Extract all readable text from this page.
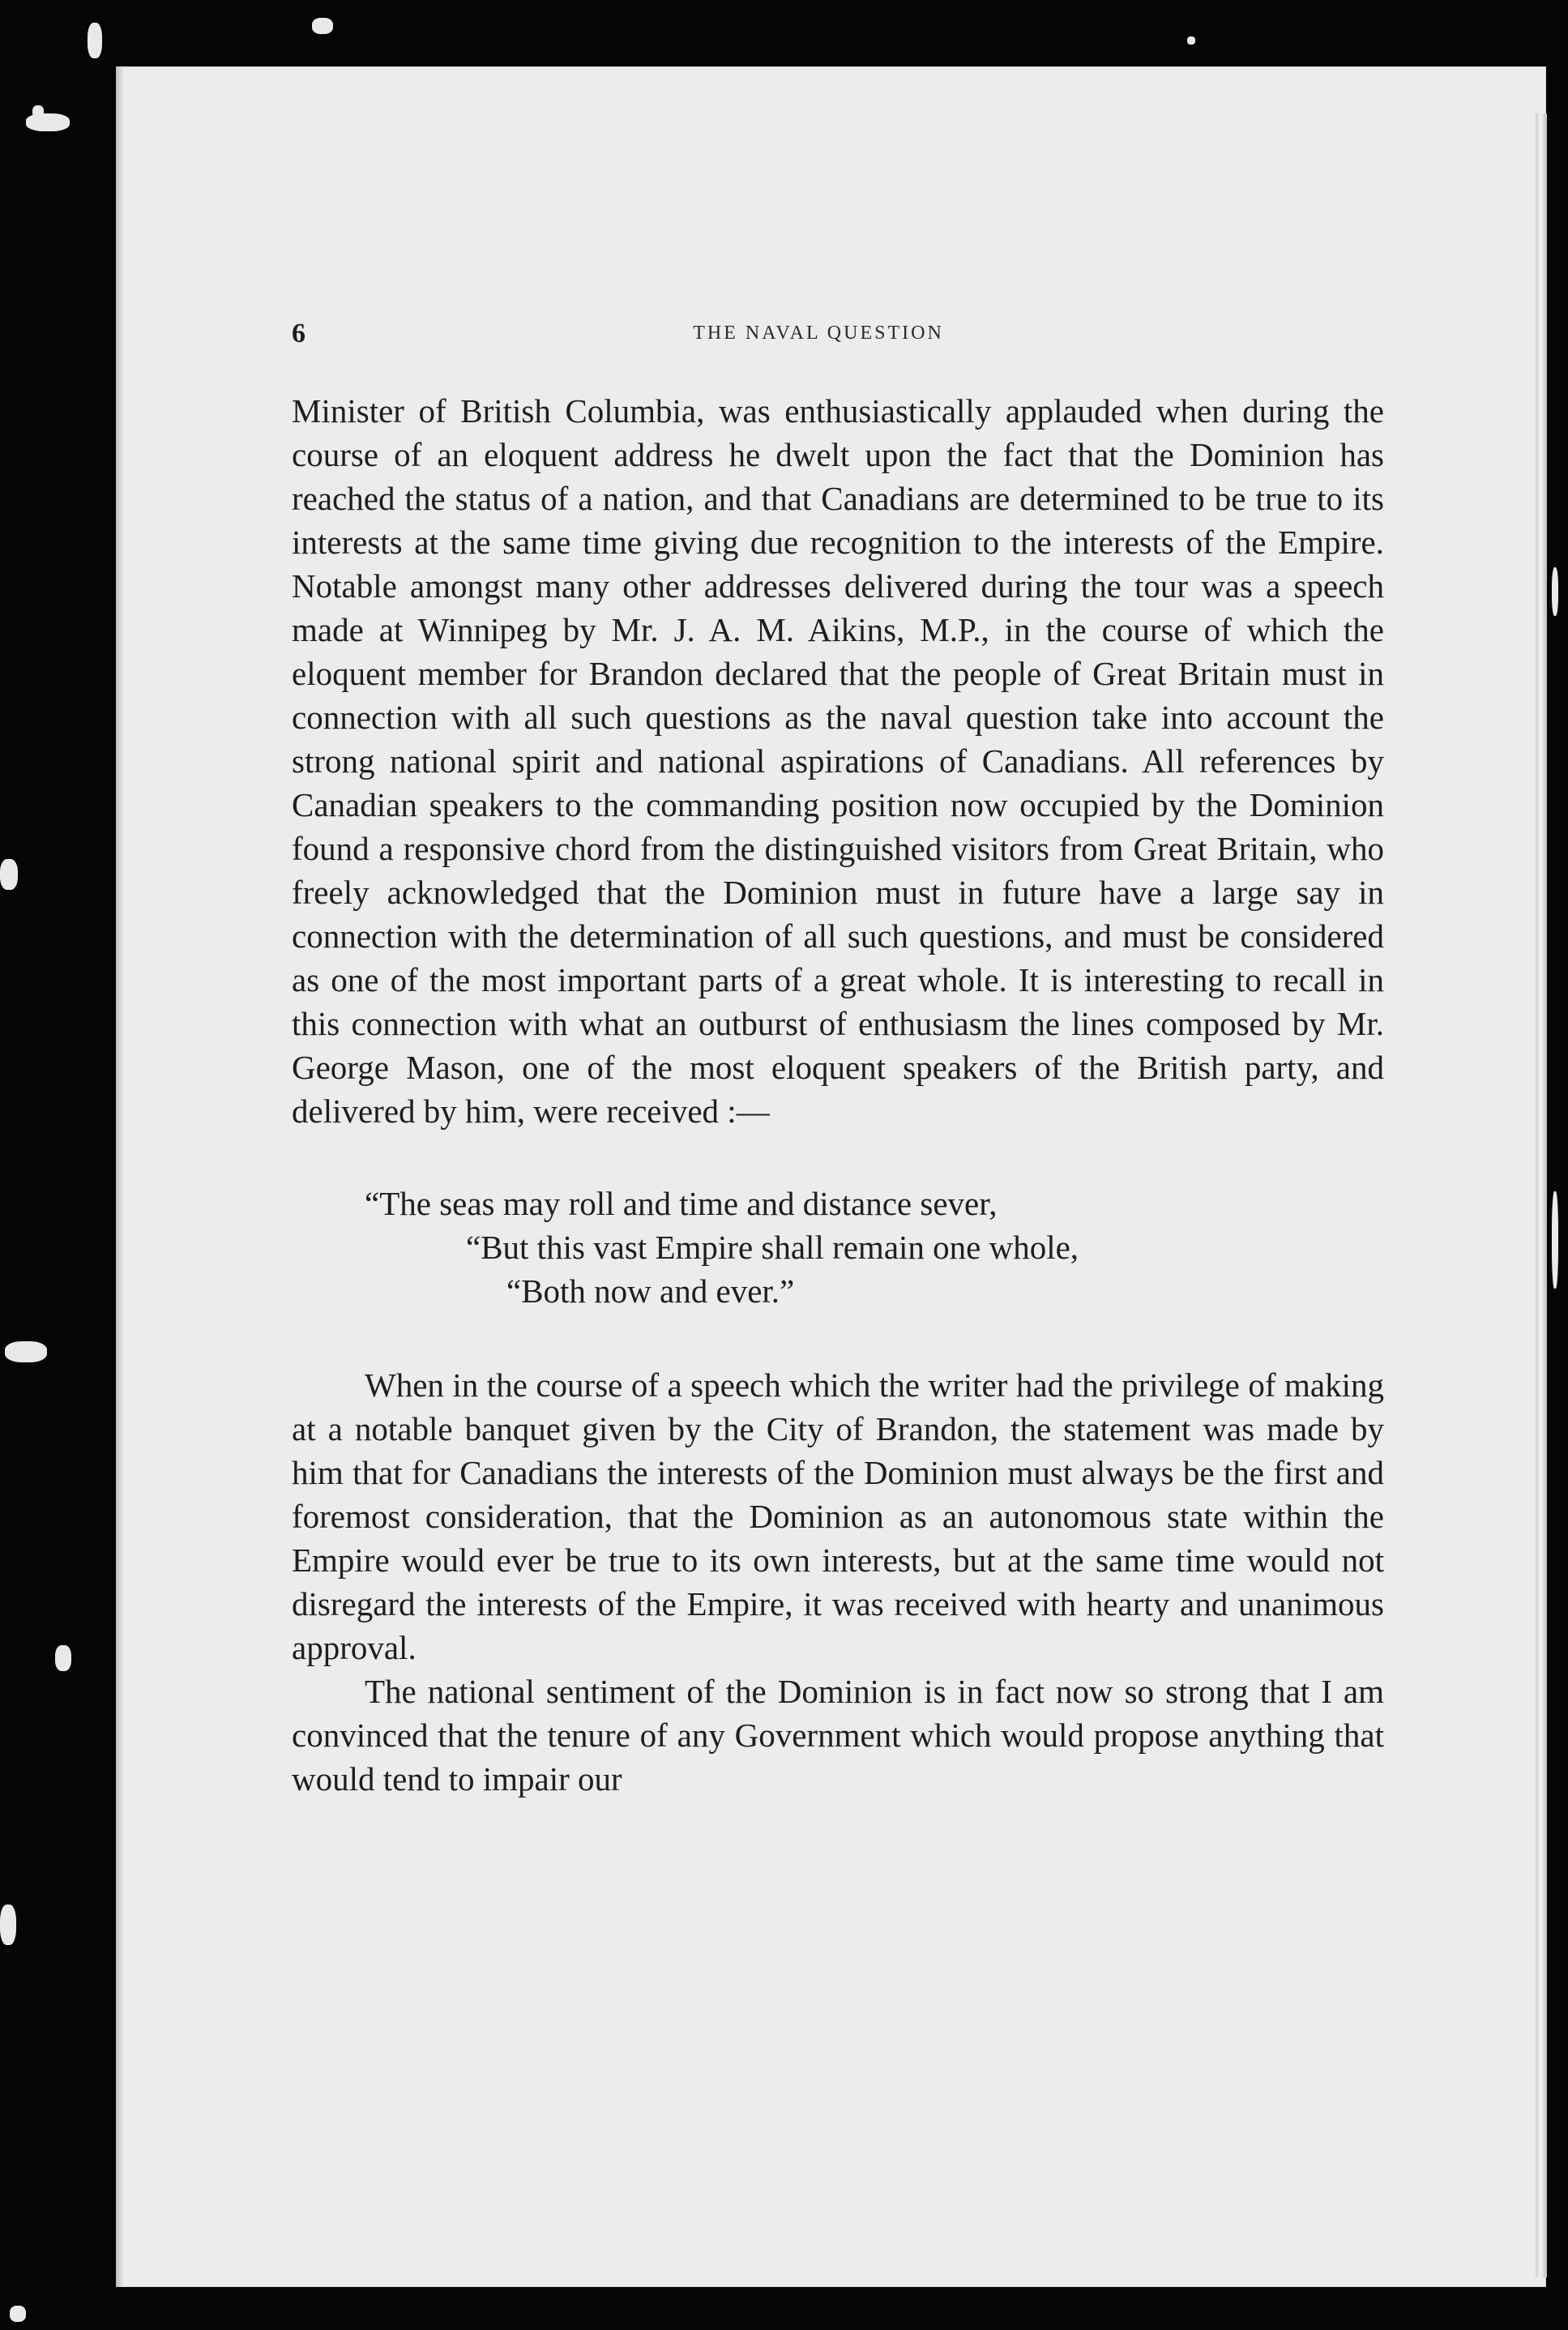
6	THE NAVAL QUESTION

Minister of British Columbia, was enthusiastically applauded when during the course of an eloquent address he dwelt upon the fact that the Dominion has reached the status of a nation, and that Canadians are determined to be true to its interests at the same time giving due recognition to the interests of the Empire. Notable amongst many other addresses delivered during the tour was a speech made at Winnipeg by Mr. J. A. M. Aikins, M.P., in the course of which the eloquent member for Brandon declared that the people of Great Britain must in connection with all such questions as the naval question take into account the strong national spirit and national aspirations of Canadians. All references by Canadian speakers to the commanding position now occupied by the Dominion found a responsive chord from the distinguished visitors from Great Britain, who freely acknowledged that the Dominion must in future have a large say in connection with the determination of all such questions, and must be considered as one of the most important parts of a great whole. It is interesting to recall in this connection with what an outburst of enthusiasm the lines composed by Mr. George Mason, one of the most eloquent speakers of the British party, and delivered by him, were received :—

“The seas may roll and time and distance sever,
“But this vast Empire shall remain one whole,
“Both now and ever.”

When in the course of a speech which the writer had the privilege of making at a notable banquet given by the City of Brandon, the statement was made by him that for Canadians the interests of the Dominion must always be the first and foremost consideration, that the Dominion as an autonomous state within the Empire would ever be true to its own interests, but at the same time would not disregard the interests of the Empire, it was received with hearty and unanimous approval.

The national sentiment of the Dominion is in fact now so strong that I am convinced that the tenure of any Government which would propose anything that would tend to impair our
